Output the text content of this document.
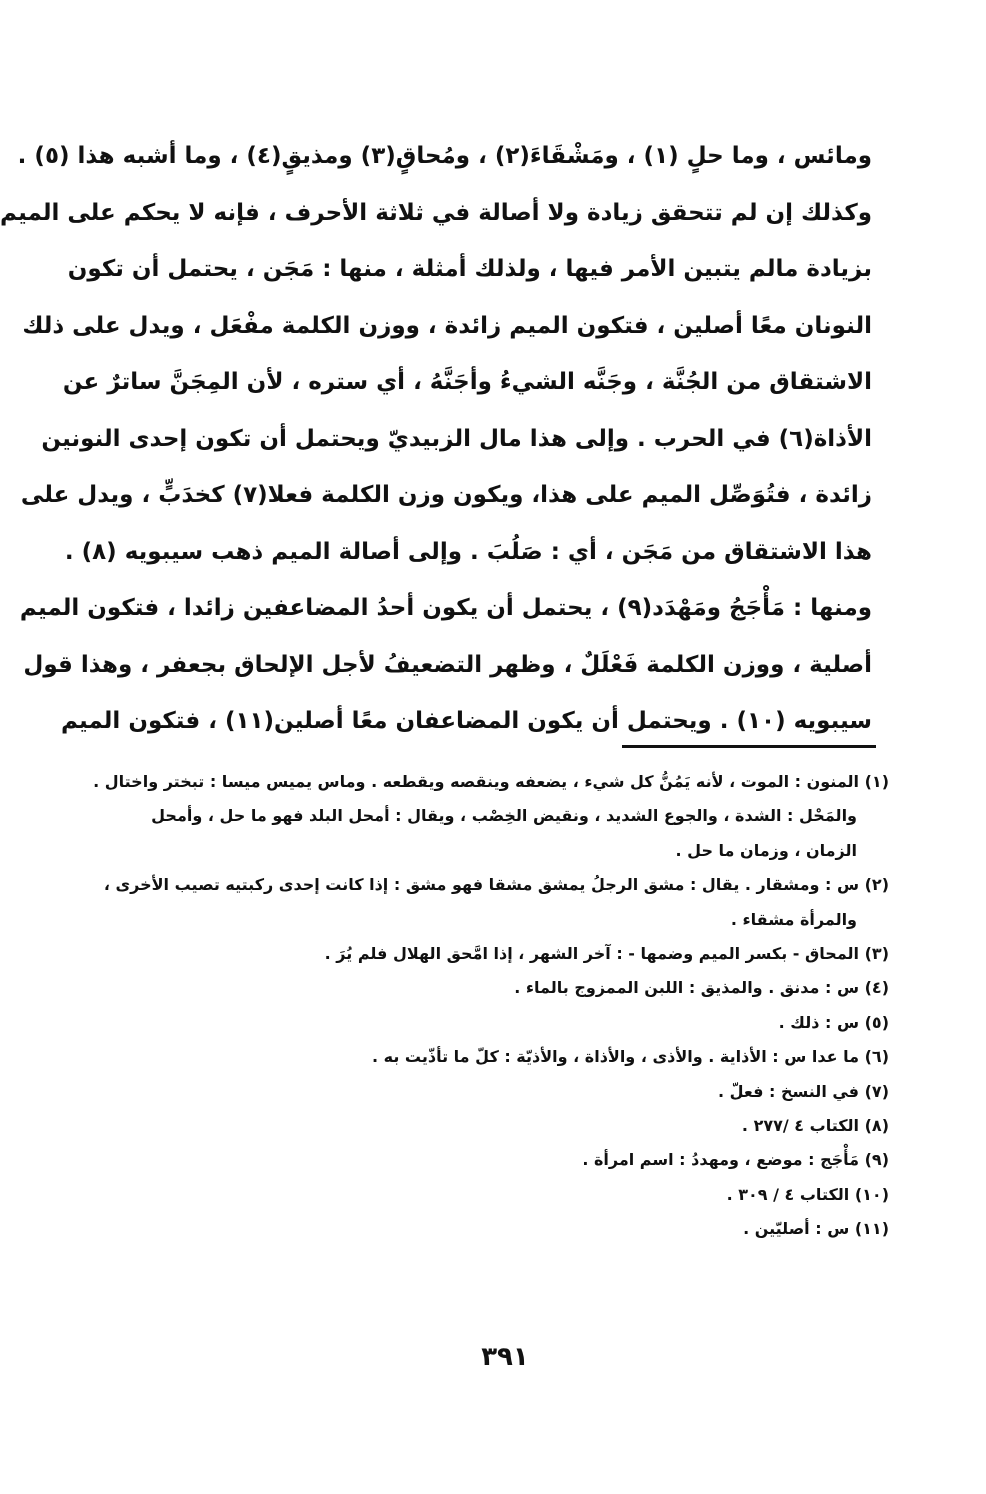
ومائس ، وما حلٍ (١) ، ومَشْقَاءَ(٢) ، ومُحاقٍ(٣) ومذيقٍ(٤) ، وما أشبه هذا (٥) .
وكذلك إن لم تتحقق زيادة ولا أصالة في ثلاثة الأحرف ، فإنه لا يحكم على الميم
بزيادة مالم يتبين الأمر فيها ، ولذلك أمثلة ، منها : مَجَن ، يحتمل أن تكون
النونان معًا أصلين ، فتكون الميم زائدة ، ووزن الكلمة مفْعَل ، ويدل على ذلك
الاشتقاق من الجُنَّة ، وجَنَّه الشيءُ وأجَنَّهُ ، أي ستره ، لأن المِجَنَّ ساترٌ عن
الأذاة(٦) في الحرب . وإلى هذا مال الزبيديّ ويحتمل أن تكون إحدى النونين
زائدة ، فتُوَصِّل الميم على هذا، ويكون وزن الكلمة فعلا(٧) كخدَبٍّ ، ويدل على
هذا الاشتقاق من مَجَن ، أي : صَلُبَ . وإلى أصالة الميم ذهب سيبويه (٨) .
ومنها : مَأْجَجُ ومَهْدَد(٩) ، يحتمل أن يكون أحدُ المضاعفين زائدا ، فتكون الميم
أصلية ، ووزن الكلمة فَعْلَلٌ ، وظهر التضعيفُ لأجل الإلحاق بجعفر ، وهذا قول
سيبويه (١٠) . ويحتمل أن يكون المضاعفان معًا أصلين(١١) ، فتكون الميم
(١) المنون : الموت ، لأنه يَمُنُّ كل شيء ، يضعفه وينقصه ويقطعه . وماس يميس ميسا : تبختر واختال .
والمَحْل : الشدة ، والجوع الشديد ، ونقيض الخِصْب ، ويقال : أمحل البلد فهو ما حل ، وأمحل
الزمان ، وزمان ما حل .
(٢) س : ومشقار . يقال : مشق الرجلُ يمشق مشقا فهو مشق : إذا كانت إحدى ركبتيه تصيب الأخرى ،
والمرأة مشقاء .
(٣) المحاق - بكسر الميم وضمها - : آخر الشهر ، إذا امَّحق الهلال فلم يُرَ .
(٤) س : مدنق . والمذيق : اللبن الممزوج بالماء .
(٥) س : ذلك .
(٦) ما عدا س : الأذاية . والأذى ، والأذاة ، والأذيّة : كلّ ما تأذّيت به .
(٧) في النسخ : فعلّ .
(٨) الكتاب ٤ /٢٧٧ .
(٩) مَأْجَج : موضع ، ومهددُ : اسم امرأة .
(١٠) الكتاب ٤ / ٣٠٩ .
(١١) س : أصليّين .
٣٩١
